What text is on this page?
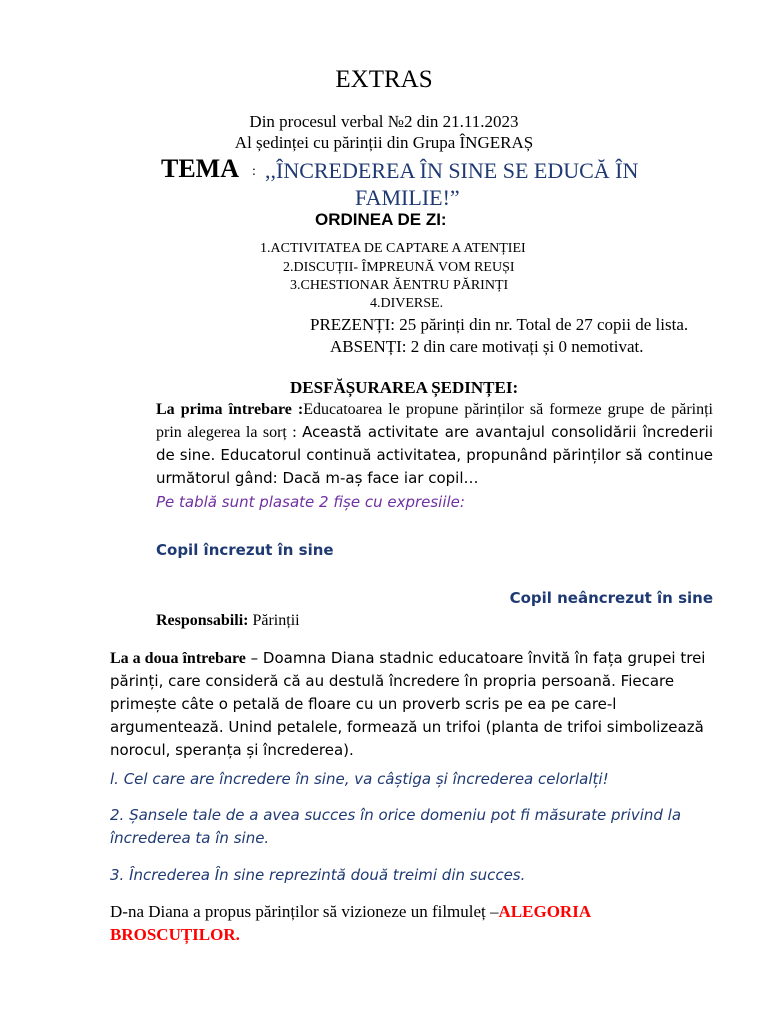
EXTRAS
Din procesul verbal №2 din 21.11.2023
Al ședinței cu părinții din Grupa ÎNGERAȘ
TEMA : ,,ÎNCREDEREA ÎN SINE SE EDUCĂ ÎN
FAMILIE!”
ORDINEA DE ZI:
1.ACTIVITATEA DE CAPTARE A ATENȚIEI
2.DISCUȚII- ÎMPREUNĂ VOM REUȘI
3.CHESTIONAR ĂENTRU PĂRINȚI
4.DIVERSE.
PREZENȚI: 25 părinți din nr. Total de 27 copii de lista.
ABSENȚI: 2 din care motivați și 0 nemotivat.
DESFĂȘURAREA ȘEDINȚEI:
La prima întrebare :Educatoarea le propune părinților să formeze grupe de părinți prin alegerea la sorț : Această activitate are avantajul consolidării încrederii de sine. Educatorul continuă activitatea, propunând părinților să continue următorul gând: Dacă m-aș face iar copil…
Pe tablă sunt plasate 2 fișe cu expresiile:
Copil încrezut în sine
Copil neâncrezut în sine
Responsabili: Părinții
La a doua întrebare – Doamna Diana stadnic educatoare învită în fața grupei trei părinți, care consideră că au destulă încredere în propria persoană. Fiecare primește câte o petală de floare cu un proverb scris pe ea pe care-l argumentează. Unind petalele, formează un trifoi (planta de trifoi simbolizează norocul, speranța și încrederea).
l. Cel care are încredere în sine, va câștiga și încrederea celorlalți!
2. Șansele tale de a avea succes în orice domeniu pot fi măsurate privind la încrederea ta în sine.
3. Încrederea În sine reprezintă două treimi din succes.
D-na Diana a propus părinților să vizioneze un filmuleț –ALEGORIA BROSCUȚILOR.
